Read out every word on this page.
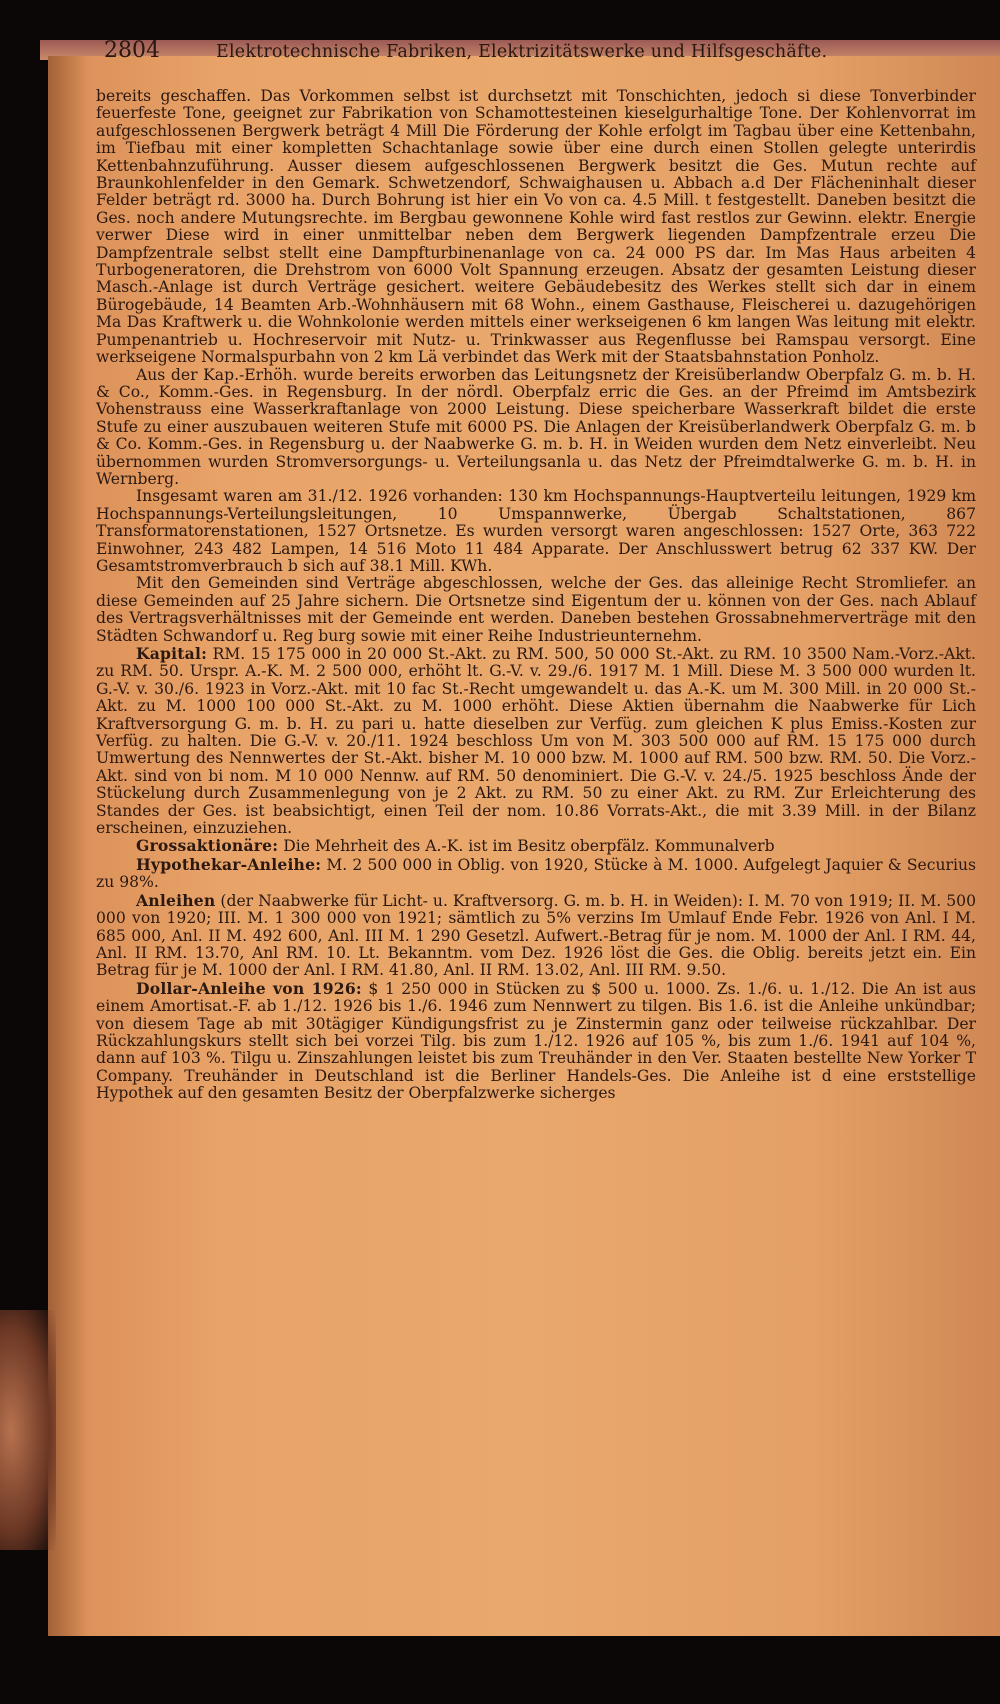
2804	Elektrotechnische Fabriken, Elektrizitätswerke und Hilfsgeschäfte.

bereits geschaffen. Das Vorkommen selbst ist durchsetzt mit Tonschichten, jedoch si diese Tonverbinder feuerfeste Tone, geeignet zur Fabrikation von Schamottesteinen kieselgurhaltige Tone. Der Kohlenvorrat im aufgeschlossenen Bergwerk beträgt 4 Mill Die Förderung der Kohle erfolgt im Tagbau über eine Kettenbahn, im Tiefbau mit einer kompletten Schachtanlage sowie über eine durch einen Stollen gelegte unterirdis Kettenbahnzuführung. Ausser diesem aufgeschlossenen Bergwerk besitzt die Ges. Mutun rechte auf Braunkohlenfelder in den Gemark. Schwetzendorf, Schwaighausen u. Abbach a.d Der Flächeninhalt dieser Felder beträgt rd. 3000 ha. Durch Bohrung ist hier ein Vo von ca. 4.5 Mill. t festgestellt. Daneben besitzt die Ges. noch andere Mutungsrechte. im Bergbau gewonnene Kohle wird fast restlos zur Gewinn. elektr. Energie verwer Diese wird in einer unmittelbar neben dem Bergwerk liegenden Dampfzentrale erzeu Die Dampfzentrale selbst stellt eine Dampfturbinenanlage von ca. 24 000 PS dar. Im Mas Haus arbeiten 4 Turbogeneratoren, die Drehstrom von 6000 Volt Spannung erzeugen. Absatz der gesamten Leistung dieser Masch.-Anlage ist durch Verträge gesichert. weitere Gebäudebesitz des Werkes stellt sich dar in einem Bürogebäude, 14 Beamten Arb.-Wohnhäusern mit 68 Wohn., einem Gasthause, Fleischerei u. dazugehörigen Ma Das Kraftwerk u. die Wohnkolonie werden mittels einer werkseigenen 6 km langen Was leitung mit elektr. Pumpenantrieb u. Hochreservoir mit Nutz- u. Trinkwasser aus Regenflusse bei Ramspau versorgt. Eine werkseigene Normalspurbahn von 2 km Lä verbindet das Werk mit der Staatsbahnstation Ponholz.

Aus der Kap.-Erhöh. wurde bereits erworben das Leitungsnetz der Kreisüberlandw Oberpfalz G. m. b. H. & Co., Komm.-Ges. in Regensburg. In der nördl. Oberpfalz erric die Ges. an der Pfreimd im Amtsbezirk Vohenstrauss eine Wasserkraftanlage von 2000 Leistung. Diese speicherbare Wasserkraft bildet die erste Stufe zu einer auszubauen weiteren Stufe mit 6000 PS. Die Anlagen der Kreisüberlandwerk Oberpfalz G. m. b & Co. Komm.-Ges. in Regensburg u. der Naabwerke G. m. b. H. in Weiden wurden dem Netz einverleibt. Neu übernommen wurden Stromversorgungs- u. Verteilungsanla u. das Netz der Pfreimdtalwerke G. m. b. H. in Wernberg.

Insgesamt waren am 31./12. 1926 vorhanden: 130 km Hochspannungs-Hauptverteilu leitungen, 1929 km Hochspannungs-Verteilungsleitungen, 10 Umspannwerke, Übergab Schaltstationen, 867 Transformatorenstationen, 1527 Ortsnetze. Es wurden versorgt waren angeschlossen: 1527 Orte, 363 722 Einwohner, 243 482 Lampen, 14 516 Moto 11 484 Apparate. Der Anschlusswert betrug 62 337 KW. Der Gesamtstromverbrauch b sich auf 38.1 Mill. KWh.

Mit den Gemeinden sind Verträge abgeschlossen, welche der Ges. das alleinige Recht Stromliefer. an diese Gemeinden auf 25 Jahre sichern. Die Ortsnetze sind Eigentum der u. können von der Ges. nach Ablauf des Vertragsverhältnisses mit der Gemeinde ent werden. Daneben bestehen Grossabnehmerverträge mit den Städten Schwandorf u. Reg burg sowie mit einer Reihe Industrieunternehm.

Kapital: RM. 15 175 000 in 20 000 St.-Akt. zu RM. 500, 50 000 St.-Akt. zu RM. 10 3500 Nam.-Vorz.-Akt. zu RM. 50. Urspr. A.-K. M. 2 500 000, erhöht lt. G.-V. v. 29./6. 1917 M. 1 Mill. Diese M. 3 500 000 wurden lt. G.-V. v. 30./6. 1923 in Vorz.-Akt. mit 10 fac St.-Recht umgewandelt u. das A.-K. um M. 300 Mill. in 20 000 St.-Akt. zu M. 1000 100 000 St.-Akt. zu M. 1000 erhöht. Diese Aktien übernahm die Naabwerke für Lich Kraftversorgung G. m. b. H. zu pari u. hatte dieselben zur Verfüg. zum gleichen K plus Emiss.-Kosten zur Verfüg. zu halten. Die G.-V. v. 20./11. 1924 beschloss Um von M. 303 500 000 auf RM. 15 175 000 durch Umwertung des Nennwertes der St.-Akt. bisher M. 10 000 bzw. M. 1000 auf RM. 500 bzw. RM. 50. Die Vorz.-Akt. sind von bi nom. M 10 000 Nennw. auf RM. 50 denominiert. Die G.-V. v. 24./5. 1925 beschloss Ände der Stückelung durch Zusammenlegung von je 2 Akt. zu RM. 50 zu einer Akt. zu RM. Zur Erleichterung des Standes der Ges. ist beabsichtigt, einen Teil der nom. 10.86 Vorrats-Akt., die mit 3.39 Mill. in der Bilanz erscheinen, einzuziehen.

Grossaktionäre: Die Mehrheit des A.-K. ist im Besitz oberpfälz. Kommunalverb

Hypothekar-Anleihe: M. 2 500 000 in Oblig. von 1920, Stücke à M. 1000. Aufgelegt Jaquier & Securius zu 98%.

Anleihen (der Naabwerke für Licht- u. Kraftversorg. G. m. b. H. in Weiden): I. M. 70 von 1919; II. M. 500 000 von 1920; III. M. 1 300 000 von 1921; sämtlich zu 5% verzins Im Umlauf Ende Febr. 1926 von Anl. I M. 685 000, Anl. II M. 492 600, Anl. III M. 1 290 Gesetzl. Aufwert.-Betrag für je nom. M. 1000 der Anl. I RM. 44, Anl. II RM. 13.70, Anl RM. 10. Lt. Bekanntm. vom Dez. 1926 löst die Ges. die Oblig. bereits jetzt ein. Ein Betrag für je M. 1000 der Anl. I RM. 41.80, Anl. II RM. 13.02, Anl. III RM. 9.50.

Dollar-Anleihe von 1926: $ 1 250 000 in Stücken zu $ 500 u. 1000. Zs. 1./6. u. 1./12. Die An ist aus einem Amortisat.-F. ab 1./12. 1926 bis 1./6. 1946 zum Nennwert zu tilgen. Bis 1.6. ist die Anleihe unkündbar; von diesem Tage ab mit 30tägiger Kündigungsfrist zu je Zinstermin ganz oder teilweise rückzahlbar. Der Rückzahlungskurs stellt sich bei vorzei Tilg. bis zum 1./12. 1926 auf 105 %, bis zum 1./6. 1941 auf 104 %, dann auf 103 %. Tilgu u. Zinszahlungen leistet bis zum Treuhänder in den Ver. Staaten bestellte New Yorker T Company. Treuhänder in Deutschland ist die Berliner Handels-Ges. Die Anleihe ist d eine erststellige Hypothek auf den gesamten Besitz der Oberpfalzwerke sicherges
